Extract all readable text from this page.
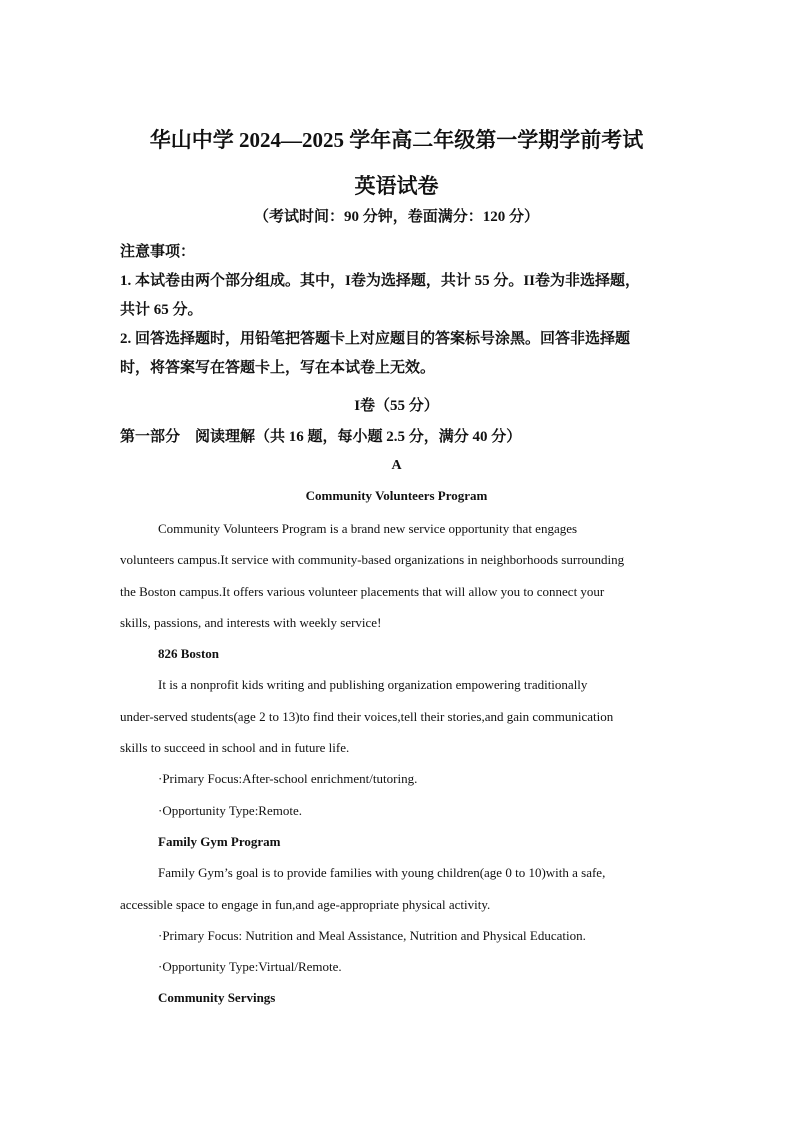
华山中学 2024—2025 学年高二年级第一学期学前考试
英语试卷
（考试时间：90 分钟，卷面满分：120 分）

注意事项：

1. 本试卷由两个部分组成。其中，I卷为选择题，共计 55 分。II卷为非选择题，

共计 65 分。

2. 回答选择题时，用铅笔把答题卡上对应题目的答案标号涂黑。回答非选择题

时，将答案写在答题卡上，写在本试卷上无效。

I卷（55 分）
第一部分　阅读理解（共 16 题，每小题 2.5 分，满分 40 分）
A
Community Volunteers Program

Community Volunteers Program is a brand new service opportunity that engages

volunteers campus.It service with community-based organizations in neighborhoods surrounding

the Boston campus.It offers various volunteer placements that will allow you to connect your

skills, passions, and interests with weekly service!

826 Boston

It is a nonprofit kids writing and publishing organization empowering traditionally

under-served students(age 2 to 13)to find their voices,tell their stories,and gain communication

skills to succeed in school and in future life.

·Primary Focus:After-school enrichment/tutoring.

·Opportunity Type:Remote.

Family Gym Program

Family Gym’s goal is to provide families with young children(age 0 to 10)with a safe,

accessible space to engage in fun,and age-appropriate physical activity.

·Primary Focus: Nutrition and Meal Assistance, Nutrition and Physical Education.

·Opportunity Type:Virtual/Remote.

Community Servings
